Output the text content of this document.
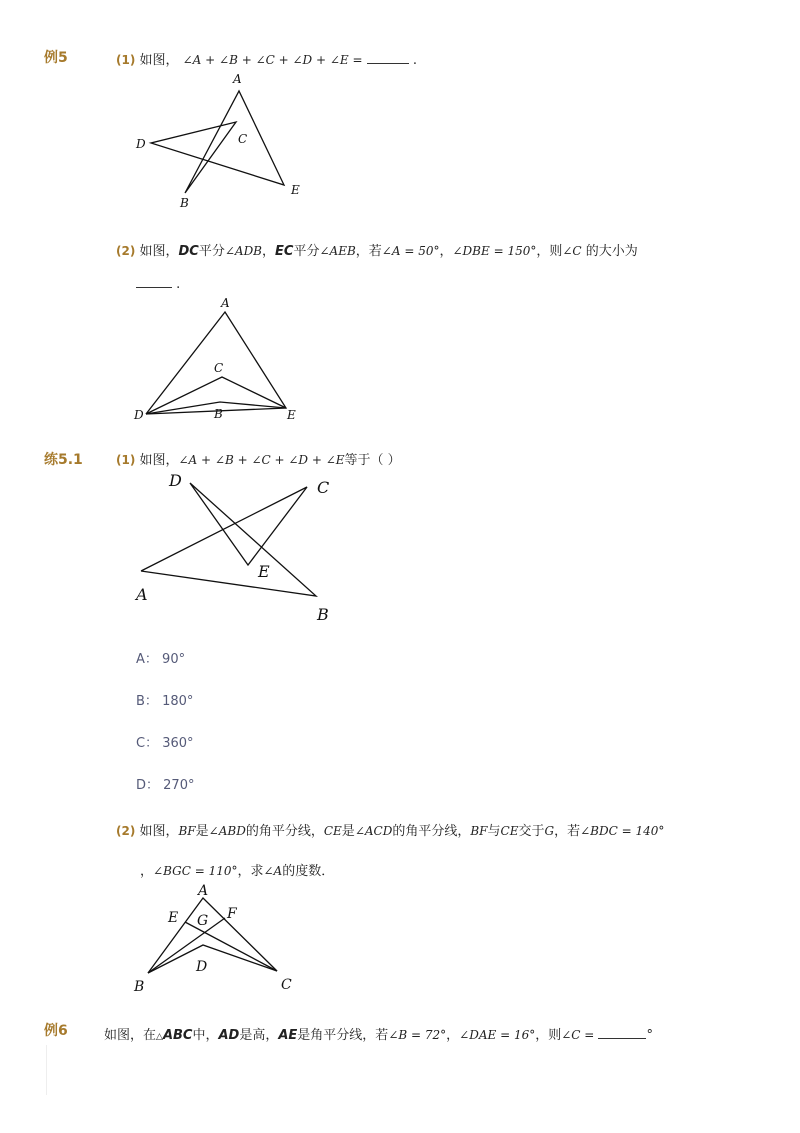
例5	(1) 如图， ∠A + ∠B + ∠C + ∠D + ∠E =	.
A
C
D
B
E
(2) 如图，DC平分∠ADB，EC平分∠AEB，若∠A = 50°，∠DBE = 150°，则∠C 的大小为
.
A
C
D	B	E
练5.1	(1) 如图，∠A + ∠B + ∠C + ∠D + ∠E等于（ ）
D	C
E
A
B
A： 90°
B： 180°
C： 360°
D： 270°
(2) 如图，BF是∠ABD的角平分线，CE是∠ACD的角平分线，BF与CE交于G，若∠BDC = 140°
，∠BGC = 110°，求∠A的度数．
A
E G F
D
B	C
例6	如图，在△ABC中，AD是高，AE是角平分线，若∠B = 72°，∠DAE = 16°，则∠C =	°
